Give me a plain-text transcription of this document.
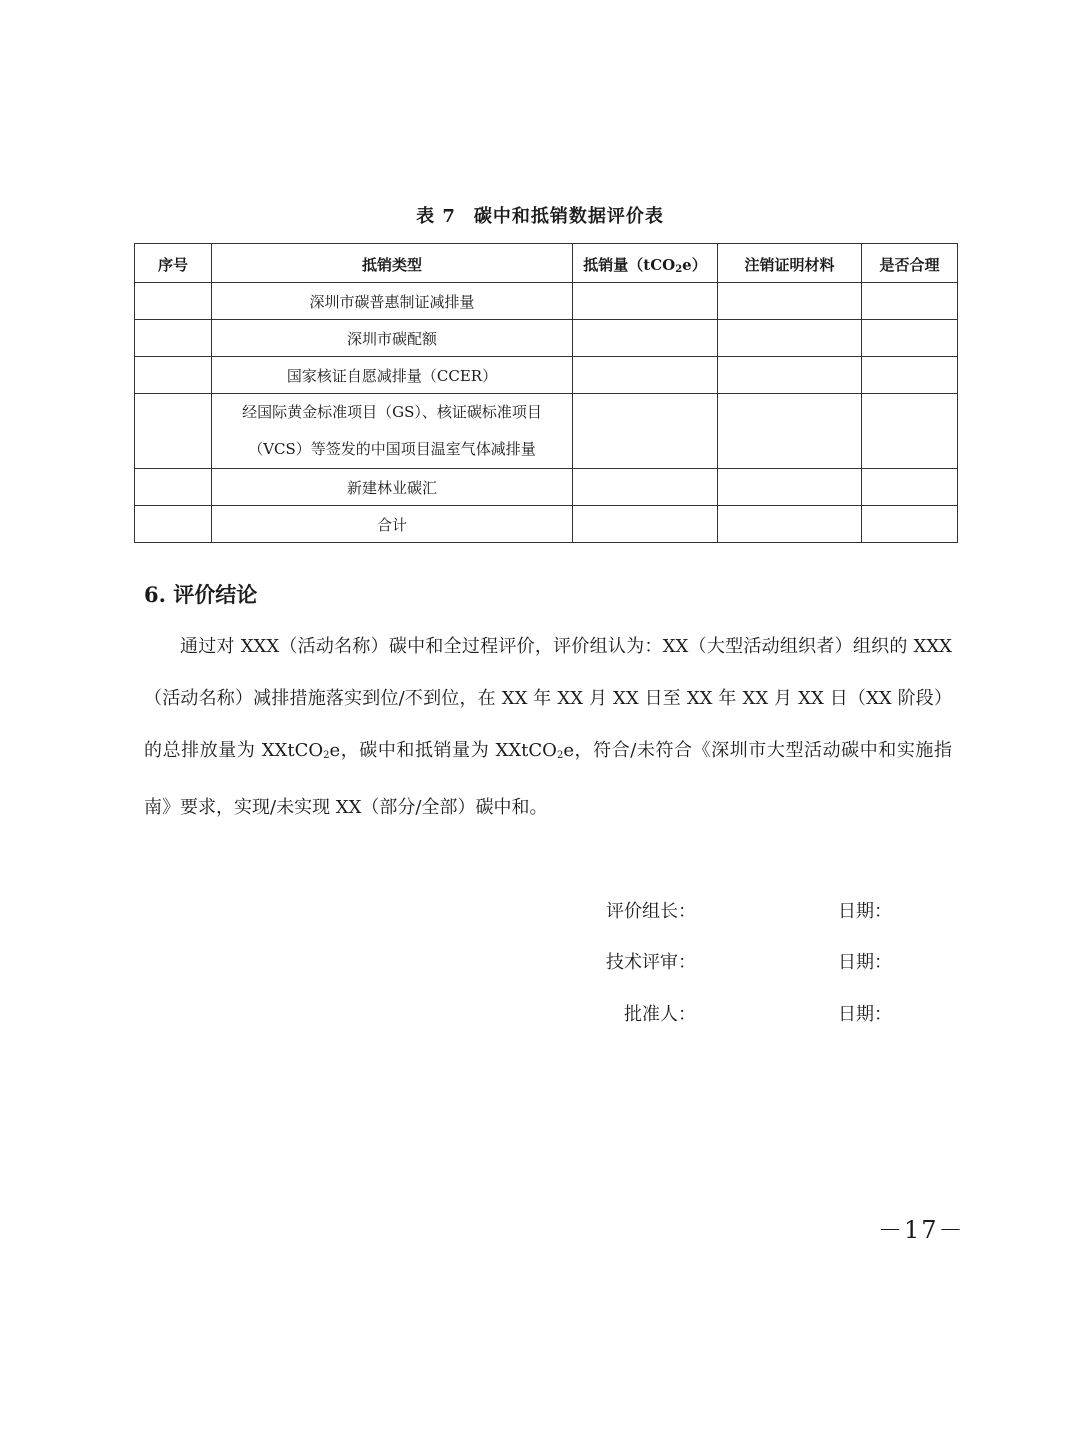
表 7 碳中和抵销数据评价表
序号	抵销类型	抵销量（tCO$_2$e）	注销证明材料	是否合理
	深圳市碳普惠制证减排量			
	深圳市碳配额			
	国家核证自愿减排量（CCER）			
	经国际黄金标准项目（GS）、核证碳标准项目
（VCS）等签发的中国项目温室气体减排量			
	新建林业碳汇			
	合计			
6. 评价结论
通过对 XXX（活动名称）碳中和全过程评价，评价组认为：XX（大型活动组织者）组织的 XXX（活动名称）减排措施落实到位/不到位，在 XX 年 XX 月 XX 日至 XX 年 XX 月 XX 日（XX 阶段）的总排放量为 XXtCO$_2$e，碳中和抵销量为 XXtCO$_2$e，符合/未符合《深圳市大型活动碳中和实施指南》要求，实现/未实现 XX（部分/全部）碳中和。
评价组长：	日期：
技术评审：	日期：
批准人：	日期：
－17－
